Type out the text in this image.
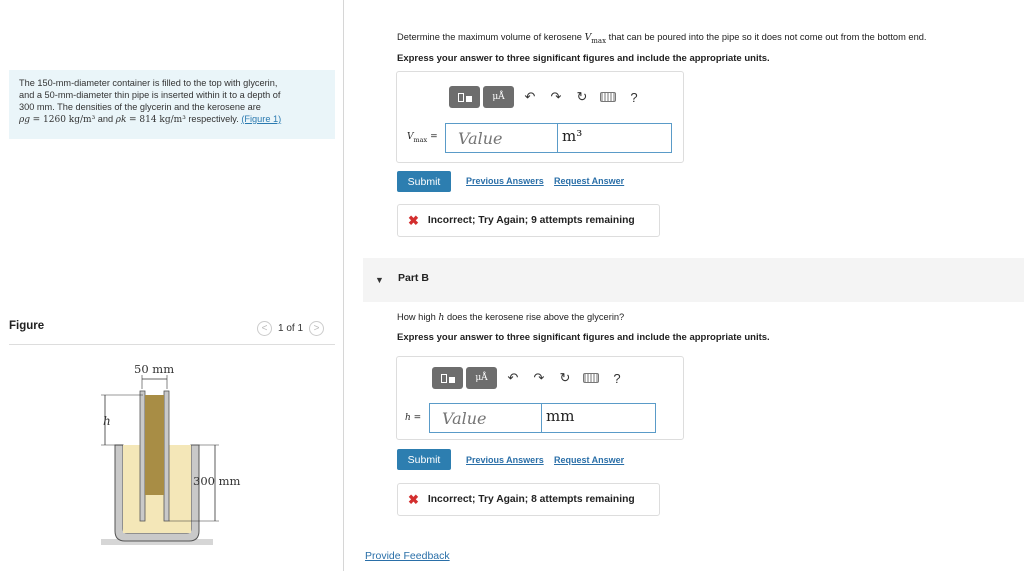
The 150-mm-diameter container is filled to the top with glycerin,
and a 50-mm-diameter thin pipe is inserted within it to a depth of
300 mm. The densities of the glycerin and the kerosene are
ρg = 1260 kg/m³ and ρk = 814 kg/m³ respectively. (Figure 1)
Figure	<	1 of 1	>
50 mm
h
300 mm
Determine the maximum volume of kerosene $V_{max}$ that can be poured into the pipe so it does not come out from the bottom end.
Express your answer to three significant figures and include the appropriate units.
μÅ	↶	↷	↻	?
$V_{max}$ =
Value	m³
Submit	Previous Answers Request Answer
✖ Incorrect; Try Again; 9 attempts remaining
▼ Part B
How high h does the kerosene rise above the glycerin?
Express your answer to three significant figures and include the appropriate units.
μÅ	↶	↷	↻	?
h =
Value	mm
Submit	Previous Answers Request Answer
✖ Incorrect; Try Again; 8 attempts remaining
Provide Feedback
